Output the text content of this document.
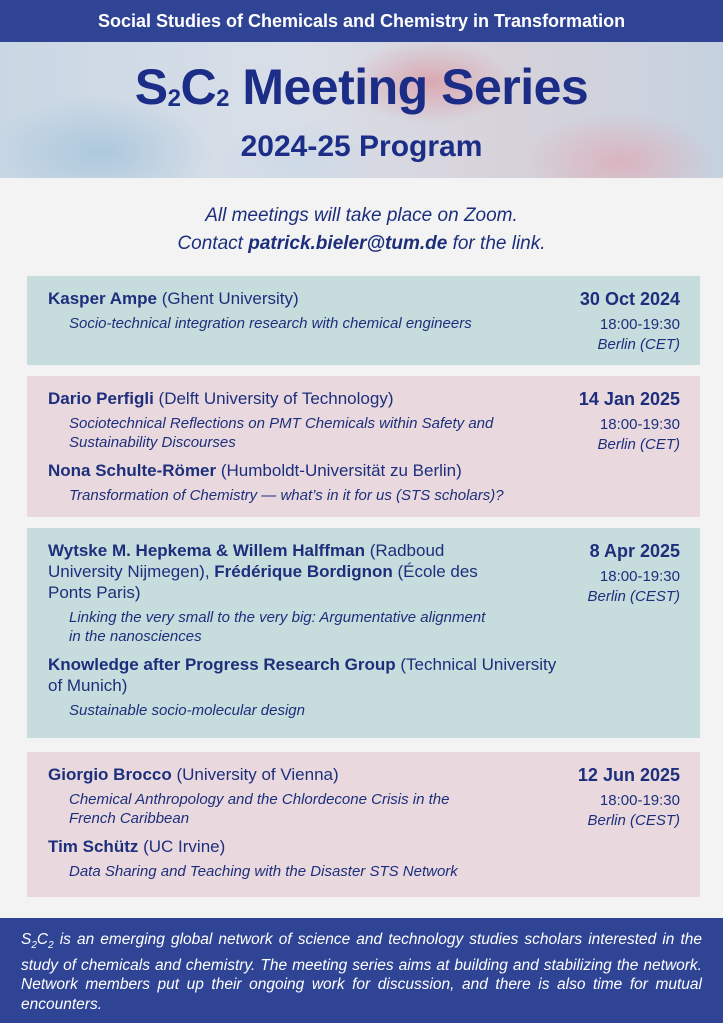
Social Studies of Chemicals and Chemistry in Transformation
$S_2C_2$ Meeting Series
2024-25 Program
All meetings will take place on Zoom.
Contact patrick.bieler@tum.de for the link.
Kasper Ampe (Ghent University)
Socio-technical integration research with chemical engineers
30 Oct 2024
18:00-19:30
Berlin (CET)
Dario Perfigli (Delft University of Technology)
Sociotechnical Reflections on PMT Chemicals within Safety and Sustainability Discourses
Nona Schulte-Römer (Humboldt-Universität zu Berlin)
Transformation of Chemistry — what’s in it for us (STS scholars)?
14 Jan 2025
18:00-19:30
Berlin (CET)
Wytske M. Hepkema & Willem Halffman (Radboud University Nijmegen), Frédérique Bordignon (École des Ponts Paris)
Linking the very small to the very big: Argumentative alignment in the nanosciences
Knowledge after Progress Research Group (Technical University of Munich)
Sustainable socio-molecular design
8 Apr 2025
18:00-19:30
Berlin (CEST)
Giorgio Brocco (University of Vienna)
Chemical Anthropology and the Chlordecone Crisis in the French Caribbean
Tim Schütz (UC Irvine)
Data Sharing and Teaching with the Disaster STS Network
12 Jun 2025
18:00-19:30
Berlin (CEST)
$S_2C_2$ is an emerging global network of science and technology studies scholars interested in the study of chemicals and chemistry. The meeting series aims at building and stabilizing the network. Network members put up their ongoing work for discussion, and there is also time for mutual encounters.
